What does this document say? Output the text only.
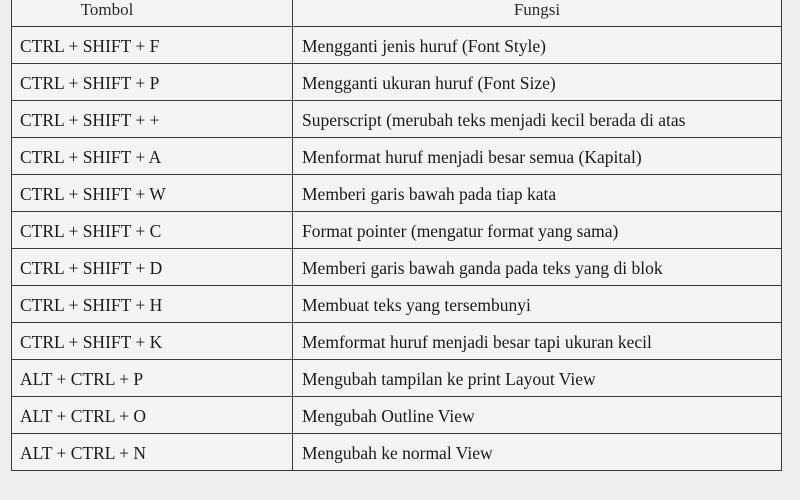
Tombol	Fungsi
CTRL + SHIFT + F	Mengganti jenis huruf (Font Style)
CTRL + SHIFT + P	Mengganti ukuran huruf (Font Size)
CTRL + SHIFT + +	Superscript (merubah teks menjadi kecil berada di atas
CTRL + SHIFT + A	Menformat huruf menjadi besar semua (Kapital)
CTRL + SHIFT + W	Memberi garis bawah pada tiap kata
CTRL + SHIFT + C	Format pointer (mengatur format yang sama)
CTRL + SHIFT + D	Memberi garis bawah ganda pada teks yang di blok
CTRL + SHIFT + H	Membuat teks yang tersembunyi
CTRL + SHIFT + K	Memformat huruf menjadi besar tapi ukuran kecil
ALT + CTRL + P	Mengubah tampilan ke print Layout View
ALT + CTRL + O	Mengubah Outline View
ALT + CTRL + N	Mengubah ke normal View
